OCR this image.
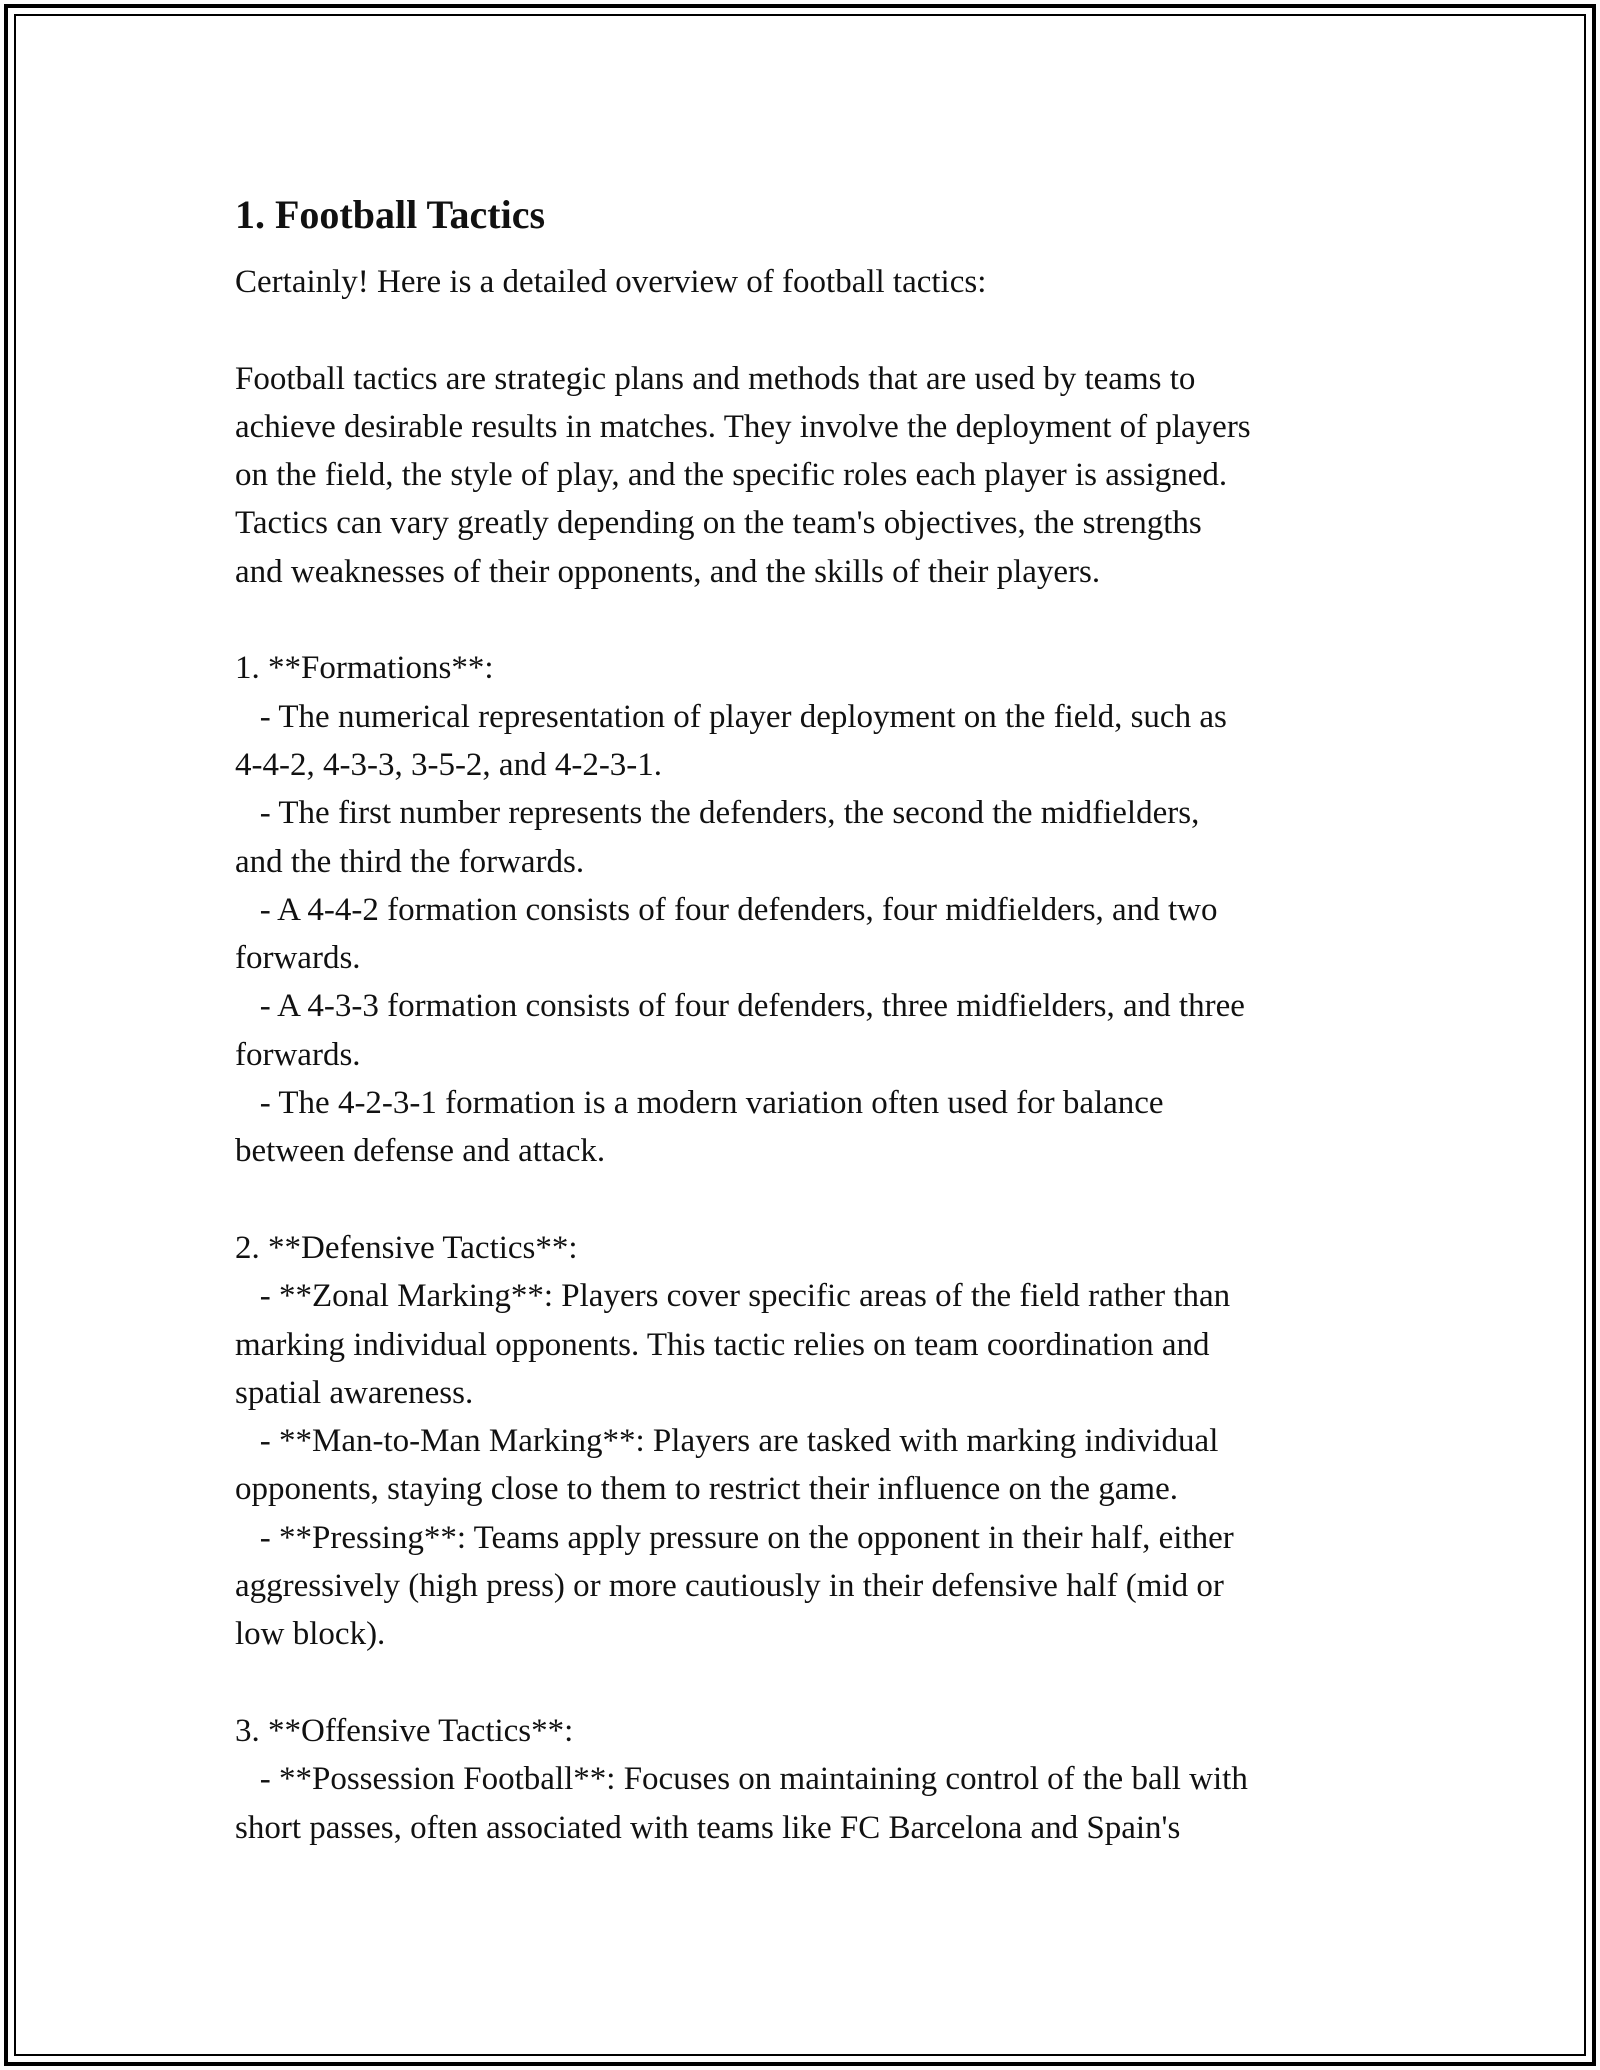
1. Football Tactics

Certainly! Here is a detailed overview of football tactics:

Football tactics are strategic plans and methods that are used by teams to
achieve desirable results in matches. They involve the deployment of players
on the field, the style of play, and the specific roles each player is assigned.
Tactics can vary greatly depending on the team's objectives, the strengths
and weaknesses of their opponents, and the skills of their players.

1. **Formations**:
- The numerical representation of player deployment on the field, such as
4-4-2, 4-3-3, 3-5-2, and 4-2-3-1.
- The first number represents the defenders, the second the midfielders,
and the third the forwards.
- A 4-4-2 formation consists of four defenders, four midfielders, and two
forwards.
- A 4-3-3 formation consists of four defenders, three midfielders, and three
forwards.
- The 4-2-3-1 formation is a modern variation often used for balance
between defense and attack.

2. **Defensive Tactics**:
- **Zonal Marking**: Players cover specific areas of the field rather than
marking individual opponents. This tactic relies on team coordination and
spatial awareness.
- **Man-to-Man Marking**: Players are tasked with marking individual
opponents, staying close to them to restrict their influence on the game.
- **Pressing**: Teams apply pressure on the opponent in their half, either
aggressively (high press) or more cautiously in their defensive half (mid or
low block).

3. **Offensive Tactics**:
- **Possession Football**: Focuses on maintaining control of the ball with
short passes, often associated with teams like FC Barcelona and Spain's
